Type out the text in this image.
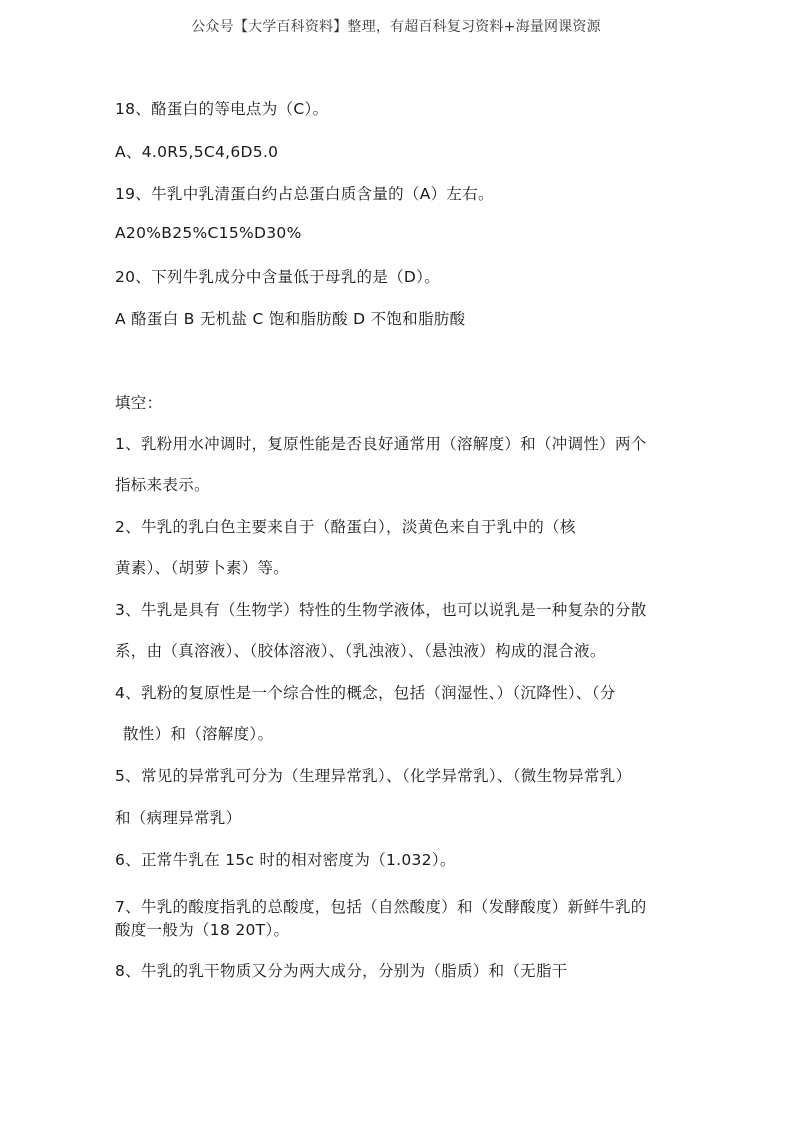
公众号【大学百科资料】整理，有超百科复习资料+海量网课资源
18、酪蛋白的等电点为（C）。
A、4.0R5,5C4,6D5.0
19、牛乳中乳清蛋白约占总蛋白质含量的（A）左右。
A20%B25%C15%D30%
20、下列牛乳成分中含量低于母乳的是（D）。
A 酪蛋白 B 无机盐 C 饱和脂肪酸 D 不饱和脂肪酸
填空：
1、乳粉用水冲调时，复原性能是否良好通常用（溶解度）和（冲调性）两个
指标来表示。
2、牛乳的乳白色主要来自于（酪蛋白），淡黄色来自于乳中的（核
黄素）、（胡萝卜素）等。
3、牛乳是具有（生物学）特性的生物学液体，也可以说乳是一种复杂的分散
系，由（真溶液）、（胶体溶液）、（乳浊液）、（悬浊液）构成的混合液。
4、乳粉的复原性是一个综合性的概念，包括（润湿性、）（沉降性）、（分
散性）和（溶解度）。
5、常见的异常乳可分为（生理异常乳）、（化学异常乳）、（微生物异常乳）
和（病理异常乳）
6、正常牛乳在 15c 时的相对密度为（1.032）。
7、牛乳的酸度指乳的总酸度，包括（自然酸度）和（发酵酸度）新鲜牛乳的
酸度一般为（18 20T）。
8、牛乳的乳干物质又分为两大成分，分别为（脂质）和（无脂干
